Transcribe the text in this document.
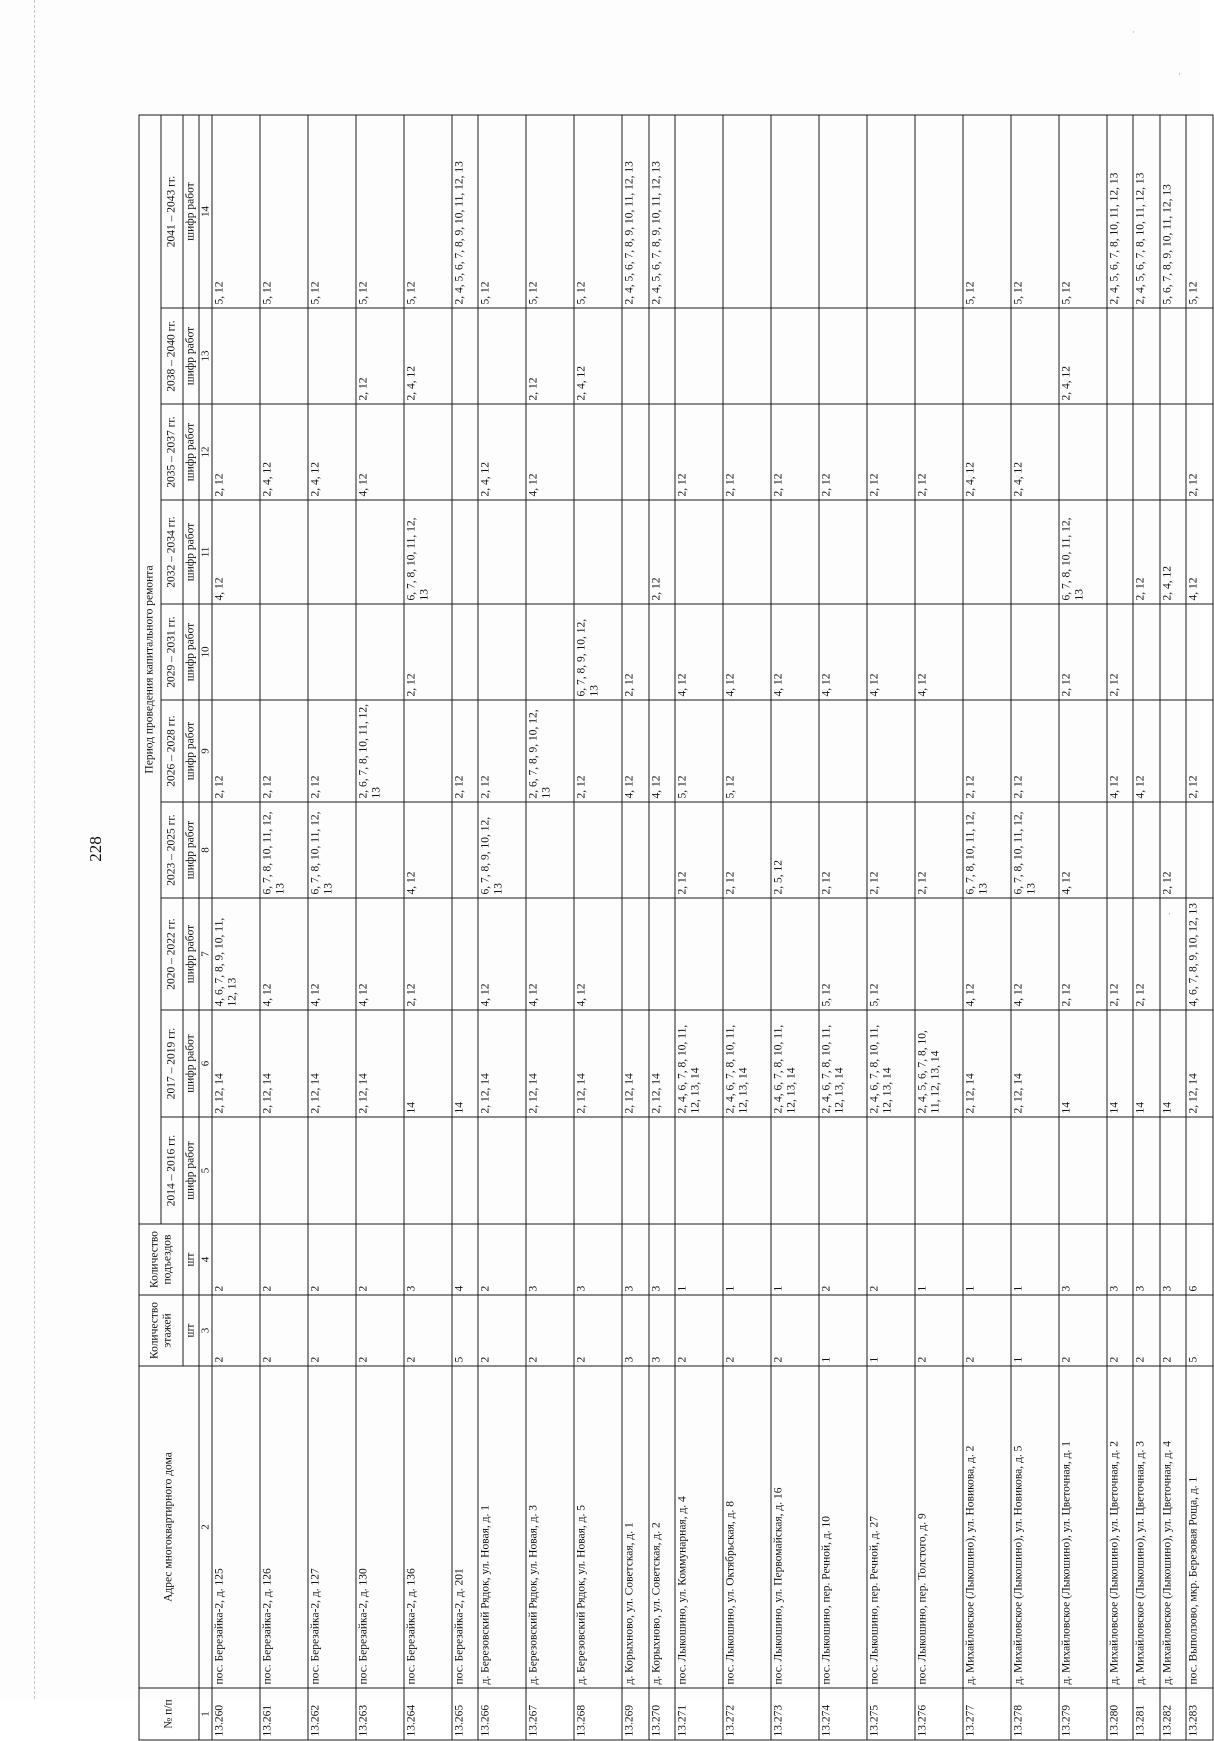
·
·
·
228
№ п/п	Адрес многоквартирного дома	Количество этажей	Количество подъездов	Период проведения капитального ремонта									
				2014 – 2016 гг.	2017 – 2019 гг.	2020 – 2022 гг.	2023 – 2025 гг.	2026 – 2028 гг.	2029 – 2031 гг.	2032 – 2034 гг.	2035 – 2037 гг.	2038 – 2040 гг.	2041 – 2043 гг.
		шт	шт	шифр работ	шифр работ	шифр работ	шифр работ	шифр работ	шифр работ	шифр работ	шифр работ	шифр работ	шифр работ
1	2	3	4	5	6	7	8	9	10	11	12	13	14
13.260	пос. Березайка-2, д. 125	2	2		2, 12, 14	4, 6, 7, 8, 9, 10, 11, 12, 13		2, 12		4, 12	2, 12		5, 12
13.261	пос. Березайка-2, д. 126	2	2		2, 12, 14	4, 12	6, 7, 8, 10, 11, 12, 13	2, 12			2, 4, 12		5, 12
13.262	пос. Березайка-2, д. 127	2	2		2, 12, 14	4, 12	6, 7, 8, 10, 11, 12, 13	2, 12			2, 4, 12		5, 12
13.263	пос. Березайка-2, д. 130	2	2		2, 12, 14	4, 12		2, 6, 7, 8, 10, 11, 12, 13			4, 12	2, 12	5, 12
13.264	пос. Березайка-2, д. 136	2	3		14	2, 12	4, 12		2, 12	6, 7, 8, 10, 11, 12, 13		2, 4, 12	5, 12
13.265	пос. Березайка-2, д. 201	5	4		14			2, 12					2, 4, 5, 6, 7, 8, 9, 10, 11, 12, 13
13.266	д. Березовский Рядок, ул. Новая, д. 1	2	2		2, 12, 14	4, 12	6, 7, 8, 9, 10, 12, 13	2, 12			2, 4, 12		5, 12
13.267	д. Березовский Рядок, ул. Новая, д. 3	2	3		2, 12, 14	4, 12		2, 6, 7, 8, 9, 10, 12, 13			4, 12	2, 12	5, 12
13.268	д. Березовский Рядок, ул. Новая, д. 5	2	3		2, 12, 14	4, 12		2, 12	6, 7, 8, 9, 10, 12, 13			2, 4, 12	5, 12
13.269	д. Корыхново, ул. Советская, д. 1	3	3		2, 12, 14			4, 12	2, 12				2, 4, 5, 6, 7, 8, 9, 10, 11, 12, 13
13.270	д. Корыхново, ул. Советская, д. 2	3	3		2, 12, 14			4, 12		2, 12			2, 4, 5, 6, 7, 8, 9, 10, 11, 12, 13
13.271	пос. Лыкошино, ул. Коммунарная, д. 4	2	1		2, 4, 6, 7, 8, 10, 11, 12, 13, 14		2, 12	5, 12	4, 12		2, 12		
13.272	пос. Лыкошино, ул. Октябрьская, д. 8	2	1		2, 4, 6, 7, 8, 10, 11, 12, 13, 14		2, 12	5, 12	4, 12		2, 12		
13.273	пос. Лыкошино, ул. Первомайская, д. 16	2	1		2, 4, 6, 7, 8, 10, 11, 12, 13, 14		2, 5, 12		4, 12		2, 12		
13.274	пос. Лыкошино, пер. Речной, д. 10	1	2		2, 4, 6, 7, 8, 10, 11, 12, 13, 14	5, 12	2, 12		4, 12		2, 12		
13.275	пос. Лыкошино, пер. Речной, д. 27	1	2		2, 4, 6, 7, 8, 10, 11, 12, 13, 14	5, 12	2, 12		4, 12		2, 12		
13.276	пос. Лыкошино, пер. Толстого, д. 9	2	1		2, 4, 5, 6, 7, 8, 10, 11, 12, 13, 14		2, 12		4, 12		2, 12		
13.277	д. Михайловское (Лыкошино), ул. Новикова, д. 2	2	1		2, 12, 14	4, 12	6, 7, 8, 10, 11, 12, 13	2, 12			2, 4, 12		5, 12
13.278	д. Михайловское (Лыкошино), ул. Новикова, д. 5	1	1		2, 12, 14	4, 12	6, 7, 8, 10, 11, 12, 13	2, 12			2, 4, 12		5, 12
13.279	д. Михайловское (Лыкошино), ул. Цветочная, д. 1	2	3		14	2, 12	4, 12		2, 12	6, 7, 8, 10, 11, 12, 13		2, 4, 12	5, 12
13.280	д. Михайловское (Лыкошино), ул. Цветочная, д. 2	2	3		14	2, 12		4, 12	2, 12				2, 4, 5, 6, 7, 8, 10, 11, 12, 13
13.281	д. Михайловское (Лыкошино), ул. Цветочная, д. 3	2	3		14	2, 12		4, 12		2, 12			2, 4, 5, 6, 7, 8, 10, 11, 12, 13
13.282	д. Михайловское (Лыкошино), ул. Цветочная, д. 4	2	3		14		2, 12			2, 4, 12			5, 6, 7, 8, 9, 10, 11, 12, 13
13.283	пос. Выползово, мкр. Березовая Роща, д. 1	5	6		2, 12, 14	4, 6, 7, 8, 9, 10, 12, 13		2, 12		4, 12	2, 12		5, 12
